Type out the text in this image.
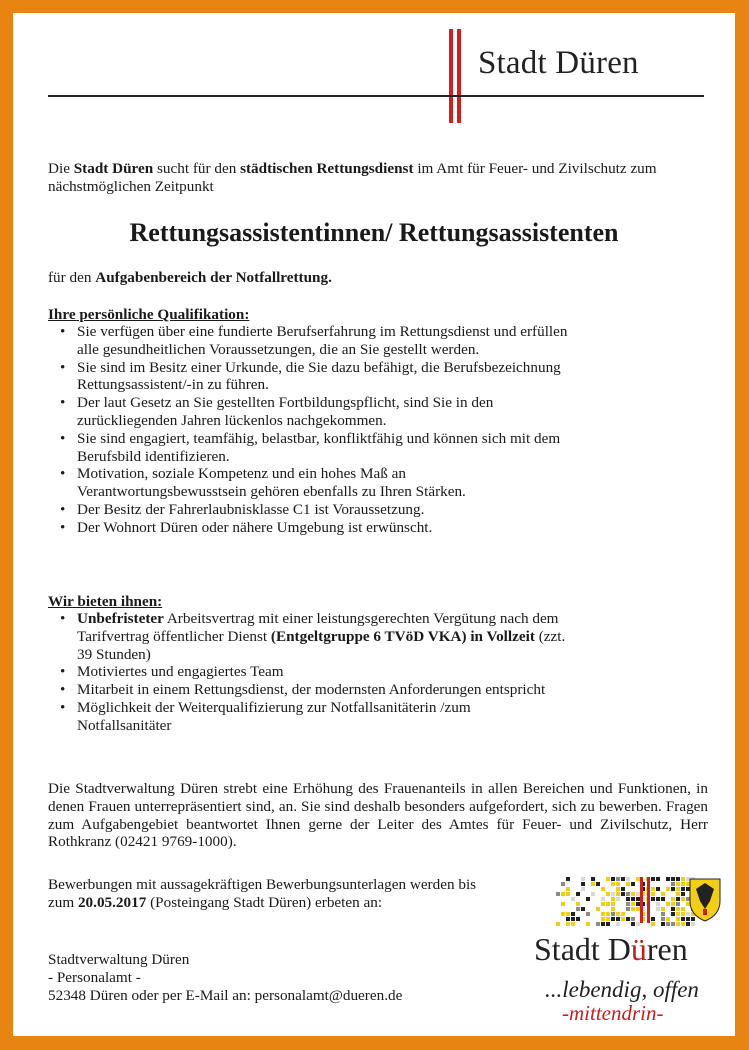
Stadt Düren
Die Stadt Düren sucht für den städtischen Rettungsdienst im Amt für Feuer- und Zivilschutz zum nächstmöglichen Zeitpunkt
Rettungsassistentinnen/ Rettungsassistenten
für den Aufgabenbereich der Notfallrettung.
Ihre persönliche Qualifikation:
• Sie verfügen über eine fundierte Berufserfahrung im Rettungsdienst und erfüllen alle gesundheitlichen Voraussetzungen, die an Sie gestellt werden.
• Sie sind im Besitz einer Urkunde, die Sie dazu befähigt, die Berufsbezeichnung Rettungsassistent/-in zu führen.
• Der laut Gesetz an Sie gestellten Fortbildungspflicht, sind Sie in den zurückliegenden Jahren lückenlos nachgekommen.
• Sie sind engagiert, teamfähig, belastbar, konfliktfähig und können sich mit dem Berufsbild identifizieren.
• Motivation, soziale Kompetenz und ein hohes Maß an Verantwortungsbewusstsein gehören ebenfalls zu Ihren Stärken.
• Der Besitz der Fahrerlaubnisklasse C1 ist Voraussetzung.
• Der Wohnort Düren oder nähere Umgebung ist erwünscht.
Wir bieten ihnen:
• Unbefristeter Arbeitsvertrag mit einer leistungsgerechten Vergütung nach dem Tarifvertrag öffentlicher Dienst (Entgeltgruppe 6 TVöD VKA) in Vollzeit (zzt. 39 Stunden)
• Motiviertes und engagiertes Team
• Mitarbeit in einem Rettungsdienst, der modernsten Anforderungen entspricht
• Möglichkeit der Weiterqualifizierung zur Notfallsanitäterin /zum Notfallsanitäter
Die Stadtverwaltung Düren strebt eine Erhöhung des Frauenanteils in allen Bereichen und Funktionen, in denen Frauen unterrepräsentiert sind, an. Sie sind deshalb besonders aufgefordert, sich zu bewerben. Fragen zum Aufgabengebiet beantwortet Ihnen gerne der Leiter des Amtes für Feuer- und Zivilschutz, Herr Rothkranz (02421 9769-1000).
Bewerbungen mit aussagekräftigen Bewerbungsunterlagen werden bis zum 20.05.2017 (Posteingang Stadt Düren) erbeten an:
Stadtverwaltung Düren
- Personalamt -
52348 Düren oder per E-Mail an: personalamt@dueren.de
Stadt Düren
...lebendig, offen
-mittendrin-
